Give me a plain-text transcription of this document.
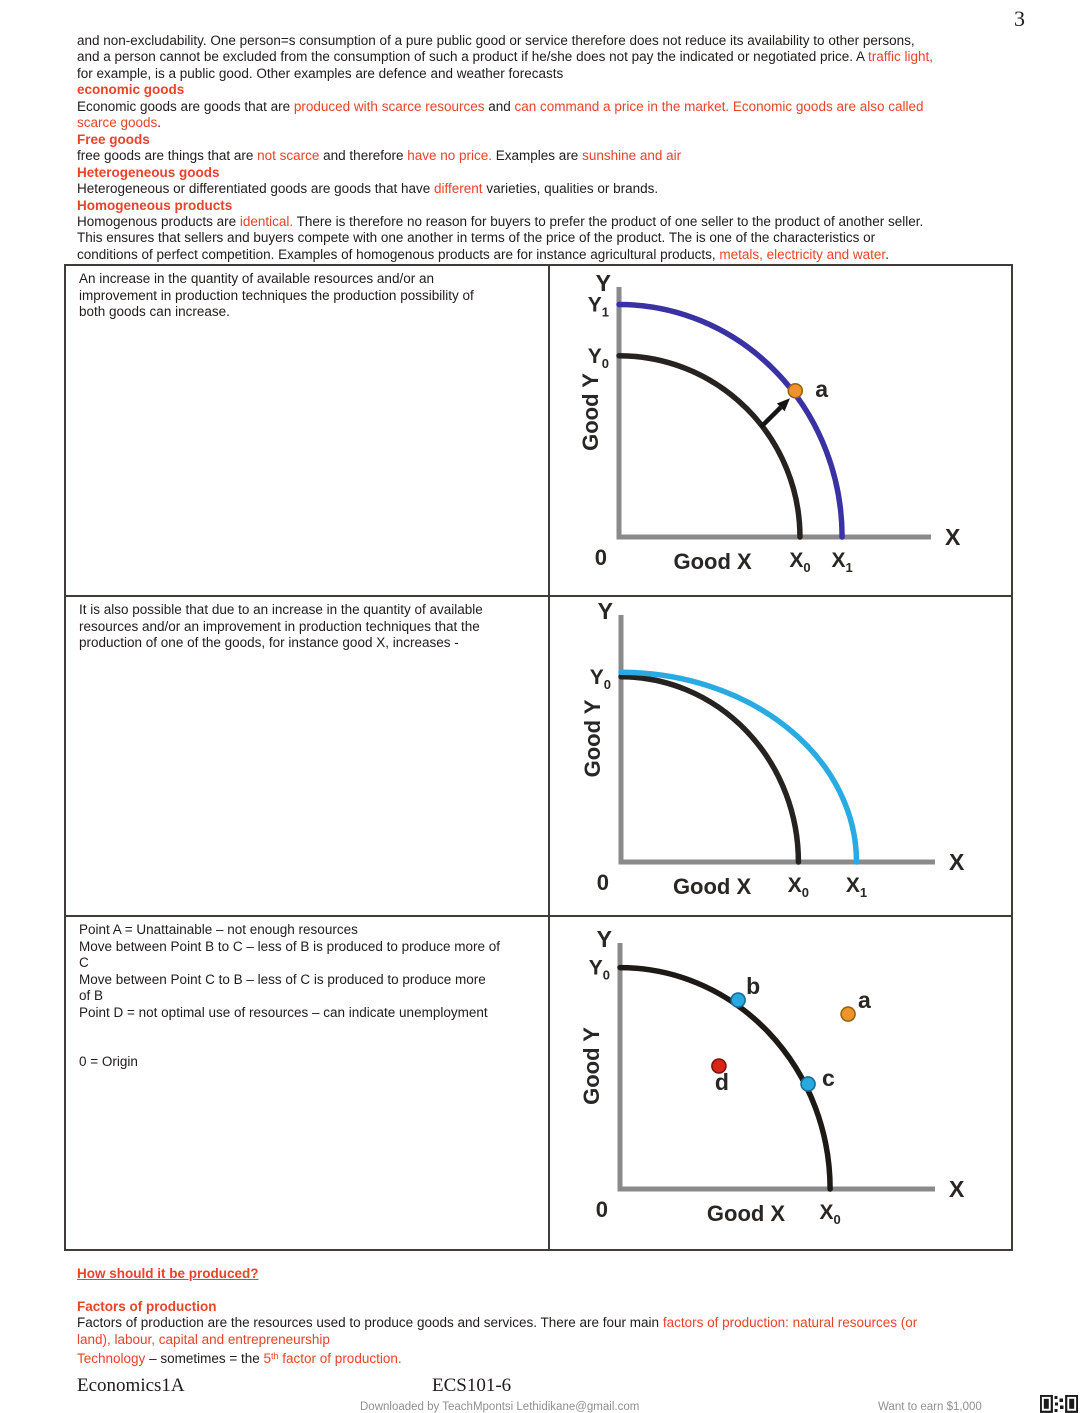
3
and non-excludability. One person=s consumption of a pure public good or service therefore does not reduce its availability to other persons,
and a person cannot be excluded from the consumption of such a product if he/she does not pay the indicated or negotiated price. A traffic light,
for example, is a public good. Other examples are defence and weather forecasts
economic goods
Economic goods are goods that are produced with scarce resources and can command a price in the market. Economic goods are also called
scarce goods.
Free goods
free goods are things that are not scarce and therefore have no price. Examples are sunshine and air
Heterogeneous goods
Heterogeneous or differentiated goods are goods that have different varieties, qualities or brands.
Homogeneous products
Homogenous products are identical. There is therefore no reason for buyers to prefer the product of one seller to the product of another seller.
This ensures that sellers and buyers compete with one another in terms of the price of the product. The is one of the characteristics or
conditions of perfect competition. Examples of homogenous products are for instance agricultural products, metals, electricity and water.
An increase in the quantity of available resources and/or an
improvement in production techniques the production possibility of
both goods can increase.
Y
X
0	Good X
Good Y
$Y_0$
$X_0$
$Y_1$
$X_1$
a
It is also possible that due to an increase in the quantity of available
resources and/or an improvement in production techniques that the
production of one of the goods, for instance good X, increases -
Y
X
0	Good X
Good Y
$Y_0$
$X_0$ $X_1$
Point A = Unattainable – not enough resources
Move between Point B to C – less of B is produced to produce more of
C
Move between Point C to B – less of C is produced to produce more
of B
Point D = not optimal use of resources – can indicate unemployment

0 = Origin
Y
X
0	Good X
Good Y
$Y_0$
$X_0$
b
a
d	c
How should it be produced?

Factors of production
Factors of production are the resources used to produce goods and services. There are four main factors of production: natural resources (or
land), labour, capital and entrepreneurship
Technology – sometimes = the 5th factor of production.
Economics1A	ECS101-6
Downloaded by TeachMpontsi Lethidikane@gmail.com	Want to earn $1,000
